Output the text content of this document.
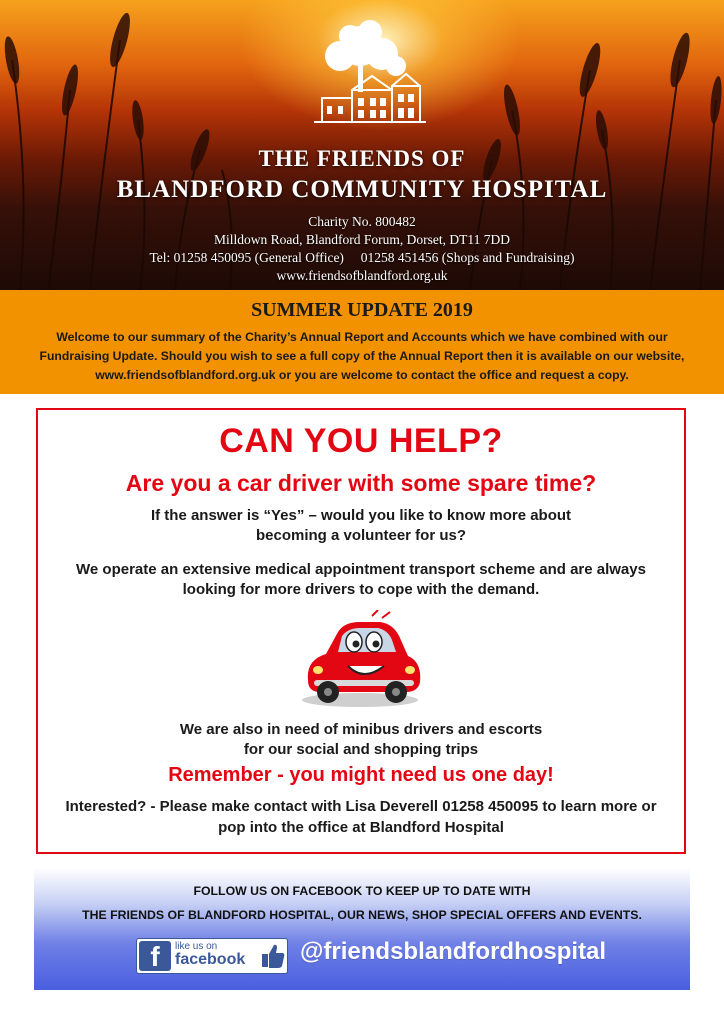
THE FRIENDS OF
BLANDFORD COMMUNITY HOSPITAL
Charity No. 800482
Milldown Road, Blandford Forum, Dorset, DT11 7DD
Tel: 01258 450095 (General Office)     01258 451456 (Shops and Fundraising)
www.friendsofblandford.org.uk
SUMMER UPDATE 2019
Welcome to our summary of the Charity’s Annual Report and Accounts which we have combined with our Fundraising Update. Should you wish to see a full copy of the Annual Report then it is available on our website, www.friendsofblandford.org.uk or you are welcome to contact the office and request a copy.
CAN YOU HELP?
Are you a car driver with some spare time?

If the answer is “Yes” – would you like to know more about becoming a volunteer for us?

We operate an extensive medical appointment transport scheme and are always looking for more drivers to cope with the demand.

We are also in need of minibus drivers and escorts for our social and shopping trips

Remember - you might need us one day!

Interested? - Please make contact with Lisa Deverell 01258 450095 to learn more or pop into the office at Blandford Hospital

FOLLOW US ON FACEBOOK TO KEEP UP TO DATE WITH

THE FRIENDS OF BLANDFORD HOSPITAL, OUR NEWS, SHOP SPECIAL OFFERS AND EVENTS.

f	like us on
facebook @friendsblandfordhospital
